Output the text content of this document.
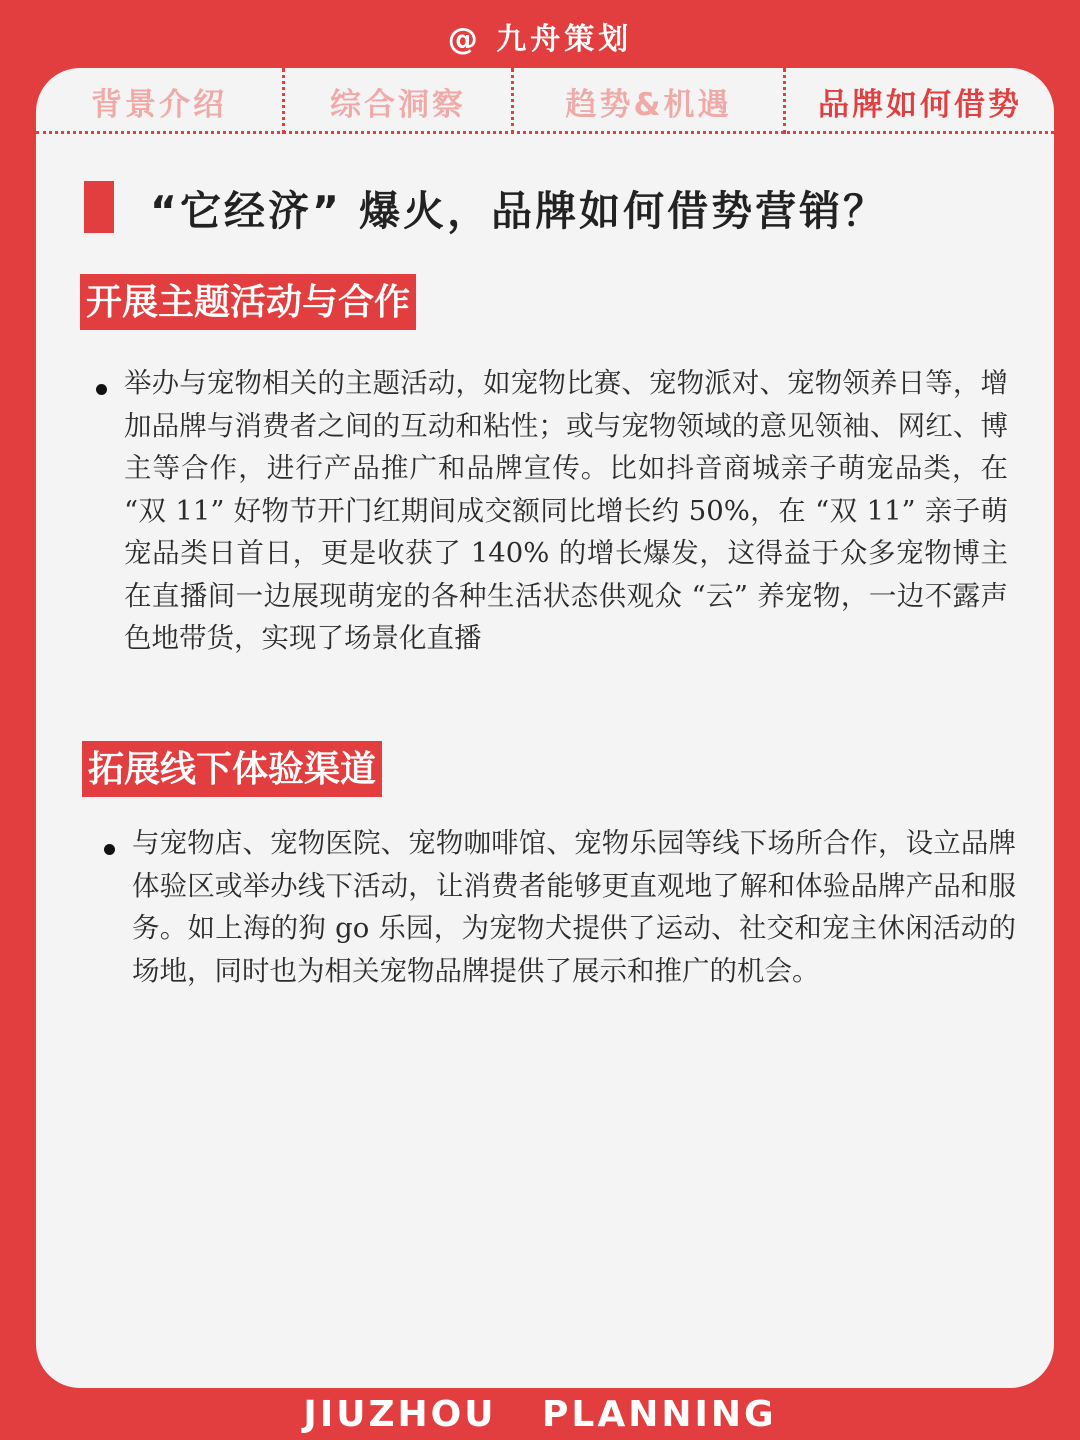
@ 九舟策划
背景介绍	综合洞察	趋势&机遇	品牌如何借势
“它经济” 爆火，品牌如何借势营销？
开展主题活动与合作

举办与宠物相关的主题活动，如宠物比赛、宠物派对、宠物领养日等，增加品牌与消费者之间的互动和粘性；或与宠物领域的意见领袖、网红、博主等合作，进行产品推广和品牌宣传。比如抖音商城亲子萌宠品类，在 “双 11” 好物节开门红期间成交额同比增长约 50%，在 “双 11” 亲子萌宠品类日首日，更是收获了 140% 的增长爆发，这得益于众多宠物博主在直播间一边展现萌宠的各种生活状态供观众 “云” 养宠物，一边不露声色地带货，实现了场景化直播

拓展线下体验渠道

与宠物店、宠物医院、宠物咖啡馆、宠物乐园等线下场所合作，设立品牌体验区或举办线下活动，让消费者能够更直观地了解和体验品牌产品和服务。如上海的狗 go 乐园，为宠物犬提供了运动、社交和宠主休闲活动的场地，同时也为相关宠物品牌提供了展示和推广的机会。

JIUZHOU PLANNING
